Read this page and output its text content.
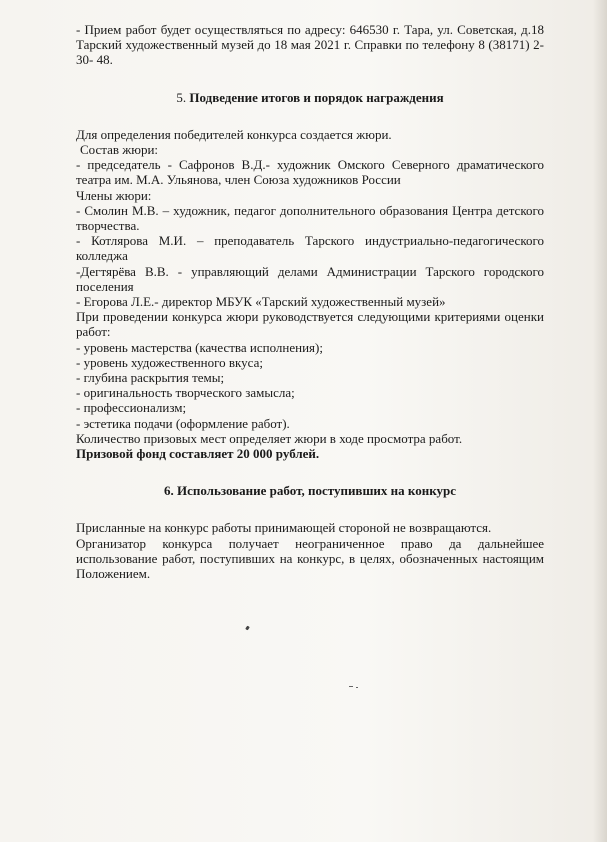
- Прием работ будет осуществляться по адресу: 646530 г. Тара, ул. Советская, д.18 Тарский художественный музей до 18 мая 2021 г. Справки по телефону 8 (38171) 2-30- 48.

5. Подведение итогов и порядок награждения

Для определения победителей конкурса создается жюри.

Состав жюри:

- председатель - Сафронов В.Д.- художник Омского Северного драматического театра им. М.А. Ульянова, член Союза художников России

Члены жюри:

- Смолин М.В. – художник, педагог дополнительного образования Центра детского творчества.

- Котлярова М.И. – преподаватель Тарского индустриально-педагогического колледжа

-Дегтярёва В.В. - управляющий делами Администрации Тарского городского поселения

- Егорова Л.Е.- директор МБУК «Тарский художественный музей»

При проведении конкурса жюри руководствуется следующими критериями оценки работ:

- уровень мастерства (качества исполнения);

- уровень художественного вкуса;

- глубина раскрытия темы;

- оригинальность творческого замысла;

- профессионализм;

- эстетика подачи (оформление работ).

Количество призовых мест определяет жюри в ходе просмотра работ.

Призовой фонд составляет 20 000 рублей.

6. Использование работ, поступивших на конкурс

Присланные на конкурс работы принимающей стороной не возвращаются.

Организатор конкурса получает неограниченное право да дальнейшее использование работ, поступивших на конкурс, в целях, обозначенных настоящим Положением.
